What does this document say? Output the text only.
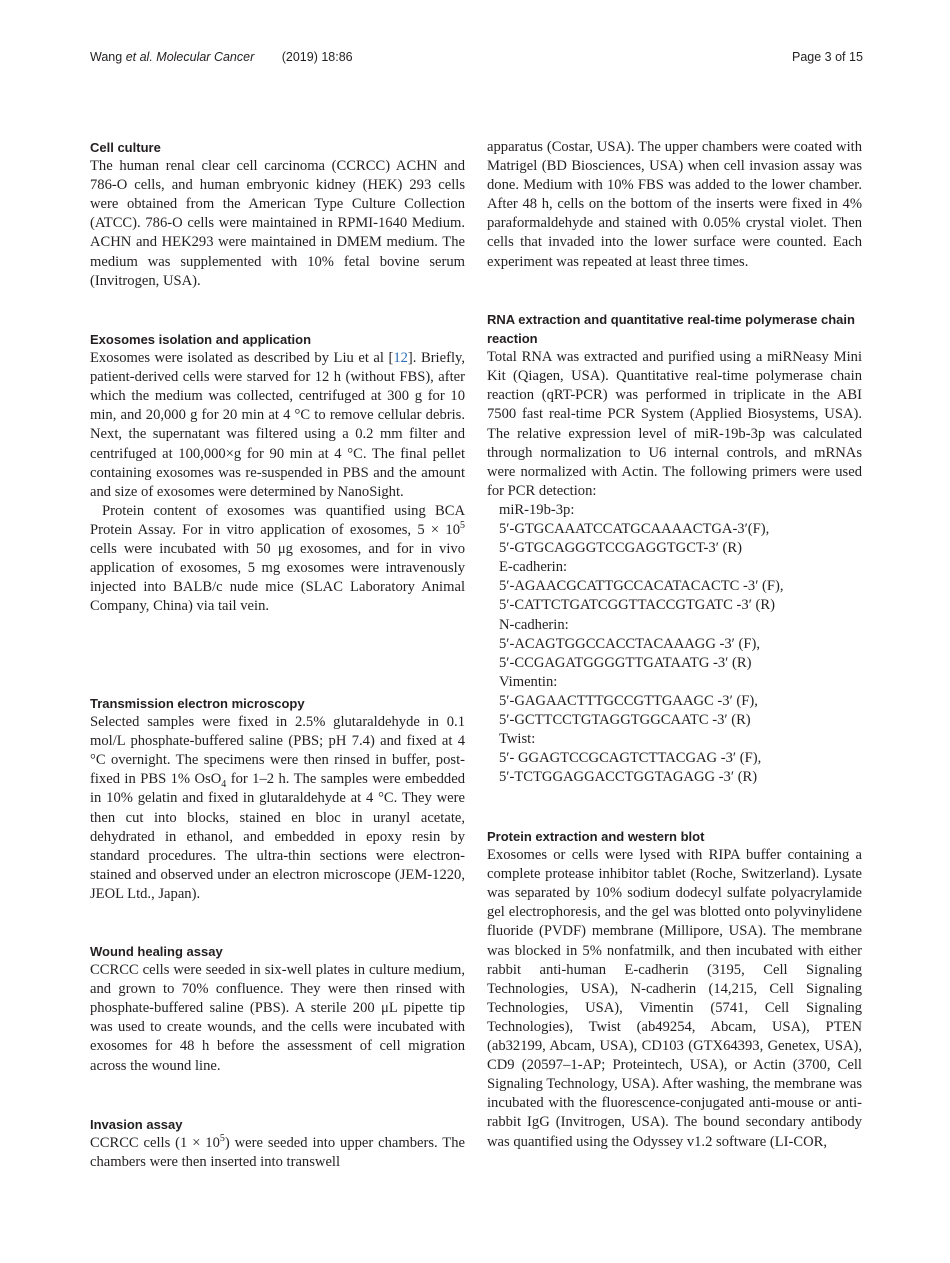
Wang et al. Molecular Cancer (2019) 18:86	Page 3 of 15
Cell culture

The human renal clear cell carcinoma (CCRCC) ACHN and 786-O cells, and human embryonic kidney (HEK) 293 cells were obtained from the American Type Culture Collection (ATCC). 786-O cells were maintained in RPMI-1640 Medium. ACHN and HEK293 were maintained in DMEM medium. The medium was supplemented with 10% fetal bovine serum (Invitrogen, USA).

Exosomes isolation and application

Exosomes were isolated as described by Liu et al [12]. Briefly, patient-derived cells were starved for 12 h (without FBS), after which the medium was collected, centrifuged at 300 g for 10 min, and 20,000 g for 20 min at 4 °C to remove cellular debris. Next, the supernatant was filtered using a 0.2 mm filter and centrifuged at 100,000×g for 90 min at 4 °C. The final pellet containing exosomes was re-suspended in PBS and the amount and size of exosomes were determined by NanoSight.

Protein content of exosomes was quantified using BCA Protein Assay. For in vitro application of exosomes, $5 \times 10^5$ cells were incubated with 50 μg exosomes, and for in vivo application of exosomes, 5 mg exosomes were intravenously injected into BALB/c nude mice (SLAC Laboratory Animal Company, China) via tail vein.

Transmission electron microscopy

Selected samples were fixed in 2.5% glutaraldehyde in 0.1 mol/L phosphate-buffered saline (PBS; pH 7.4) and fixed at 4 °C overnight. The specimens were then rinsed in buffer, post-fixed in PBS 1% OsO$_4$ for 1–2 h. The samples were embedded in 10% gelatin and fixed in glutaraldehyde at 4 °C. They were then cut into blocks, stained en bloc in uranyl acetate, dehydrated in ethanol, and embedded in epoxy resin by standard procedures. The ultra-thin sections were electron-stained and observed under an electron microscope (JEM-1220, JEOL Ltd., Japan).

Wound healing assay

CCRCC cells were seeded in six-well plates in culture medium, and grown to 70% confluence. They were then rinsed with phosphate-buffered saline (PBS). A sterile 200 μL pipette tip was used to create wounds, and the cells were incubated with exosomes for 48 h before the assessment of cell migration across the wound line.

Invasion assay

CCRCC cells $(1 \times 10^5)$ were seeded into upper chambers. The chambers were then inserted into transwell

apparatus (Costar, USA). The upper chambers were coated with Matrigel (BD Biosciences, USA) when cell invasion assay was done. Medium with 10% FBS was added to the lower chamber. After 48 h, cells on the bottom of the inserts were fixed in 4% paraformaldehyde and stained with 0.05% crystal violet. Then cells that invaded into the lower surface were counted. Each experiment was repeated at least three times.

RNA extraction and quantitative real-time polymerase chain reaction

Total RNA was extracted and purified using a miRNeasy Mini Kit (Qiagen, USA). Quantitative real-time polymerase chain reaction (qRT-PCR) was performed in triplicate in the ABI 7500 fast real-time PCR System (Applied Biosystems, USA). The relative expression level of miR-19b-3p was calculated through normalization to U6 internal controls, and mRNAs were normalized with Actin. The following primers were used for PCR detection:

miR-19b-3p:

5′-GTGCAAATCCATGCAAAACTGA-3′(F),

5′-GTGCAGGGTCCGAGGTGCT-3′ (R)

E-cadherin:

5′-AGAACGCATTGCCACATACACTC -3′ (F),

5′-CATTCTGATCGGTTACCGTGATC -3′ (R)

N-cadherin:

5′-ACAGTGGCCACCTACAAAGG -3′ (F),

5′-CCGAGATGGGGTTGATAATG -3′ (R)

Vimentin:

5′-GAGAACTTTGCCGTTGAAGC -3′ (F),

5′-GCTTCCTGTAGGTGGCAATC -3′ (R)

Twist:

5′- GGAGTCCGCAGTCTTACGAG -3′ (F),

5′-TCTGGAGGACCTGGTAGAGG -3′ (R)

Protein extraction and western blot

Exosomes or cells were lysed with RIPA buffer containing a complete protease inhibitor tablet (Roche, Switzerland). Lysate was separated by 10% sodium dodecyl sulfate polyacrylamide gel electrophoresis, and the gel was blotted onto polyvinylidene fluoride (PVDF) membrane (Millipore, USA). The membrane was blocked in 5% nonfatmilk, and then incubated with either rabbit anti-human E-cadherin (3195, Cell Signaling Technologies, USA), N-cadherin (14,215, Cell Signaling Technologies, USA), Vimentin (5741, Cell Signaling Technologies), Twist (ab49254, Abcam, USA), PTEN (ab32199, Abcam, USA), CD103 (GTX64393, Genetex, USA), CD9 (20597–1-AP; Proteintech, USA), or Actin (3700, Cell Signaling Technology, USA). After washing, the membrane was incubated with the fluorescence-conjugated anti-mouse or anti-rabbit IgG (Invitrogen, USA). The bound secondary antibody was quantified using the Odyssey v1.2 software (LI-COR,
